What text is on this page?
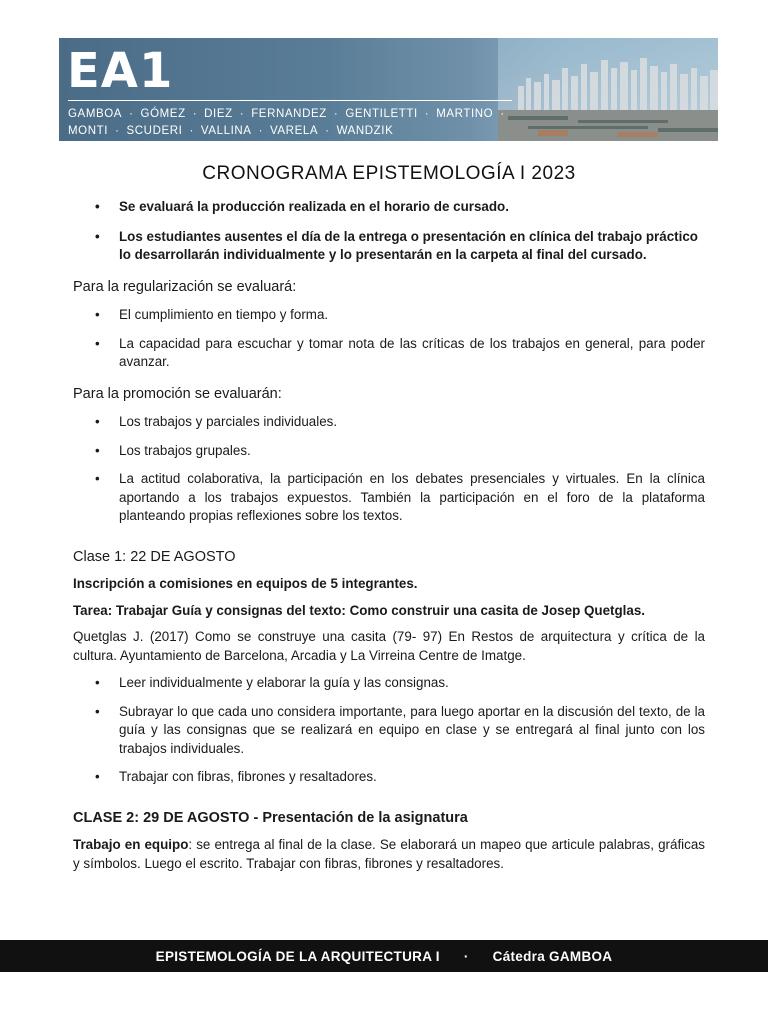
EA1
GAMBOA · GÓMEZ · DIEZ · FERNANDEZ · GENTILETTI · MARTINO ·
MONTI · SCUDERI · VALLINA · VARELA · WANDZIK
CRONOGRAMA EPISTEMOLOGÍA I 2023

• Se evaluará la producción realizada en el horario de cursado.

• Los estudiantes ausentes el día de la entrega o presentación en clínica del trabajo práctico lo desarrollarán individualmente y lo presentarán en la carpeta al final del cursado.

Para la regularización se evaluará:

• El cumplimiento en tiempo y forma.

• La capacidad para escuchar y tomar nota de las críticas de los trabajos en general, para poder avanzar.

Para la promoción se evaluarán:

• Los trabajos y parciales individuales.

• Los trabajos grupales.

• La actitud colaborativa, la participación en los debates presenciales y virtuales. En la clínica aportando a los trabajos expuestos. También la participación en el foro de la plataforma planteando propias reflexiones sobre los textos.

Clase 1: 22 DE AGOSTO

Inscripción a comisiones en equipos de 5 integrantes.

Tarea: Trabajar Guía y consignas del texto: Como construir una casita de Josep Quetglas.

Quetglas J. (2017) Como se construye una casita (79- 97) En Restos de arquitectura y crítica de la cultura. Ayuntamiento de Barcelona, Arcadia y La Virreina Centre de Imatge.

• Leer individualmente y elaborar la guía y las consignas.

• Subrayar lo que cada uno considera importante, para luego aportar en la discusión del texto, de la guía y las consignas que se realizará en equipo en clase y se entregará al final junto con los trabajos individuales.

• Trabajar con fibras, fibrones y resaltadores.

CLASE 2: 29 DE AGOSTO - Presentación de la asignatura

Trabajo en equipo: se entrega al final de la clase. Se elaborará un mapeo que articule palabras, gráficas y símbolos. Luego el escrito. Trabajar con fibras, fibrones y resaltadores.

EPISTEMOLOGÍA DE LA ARQUITECTURA I · Cátedra GAMBOA
